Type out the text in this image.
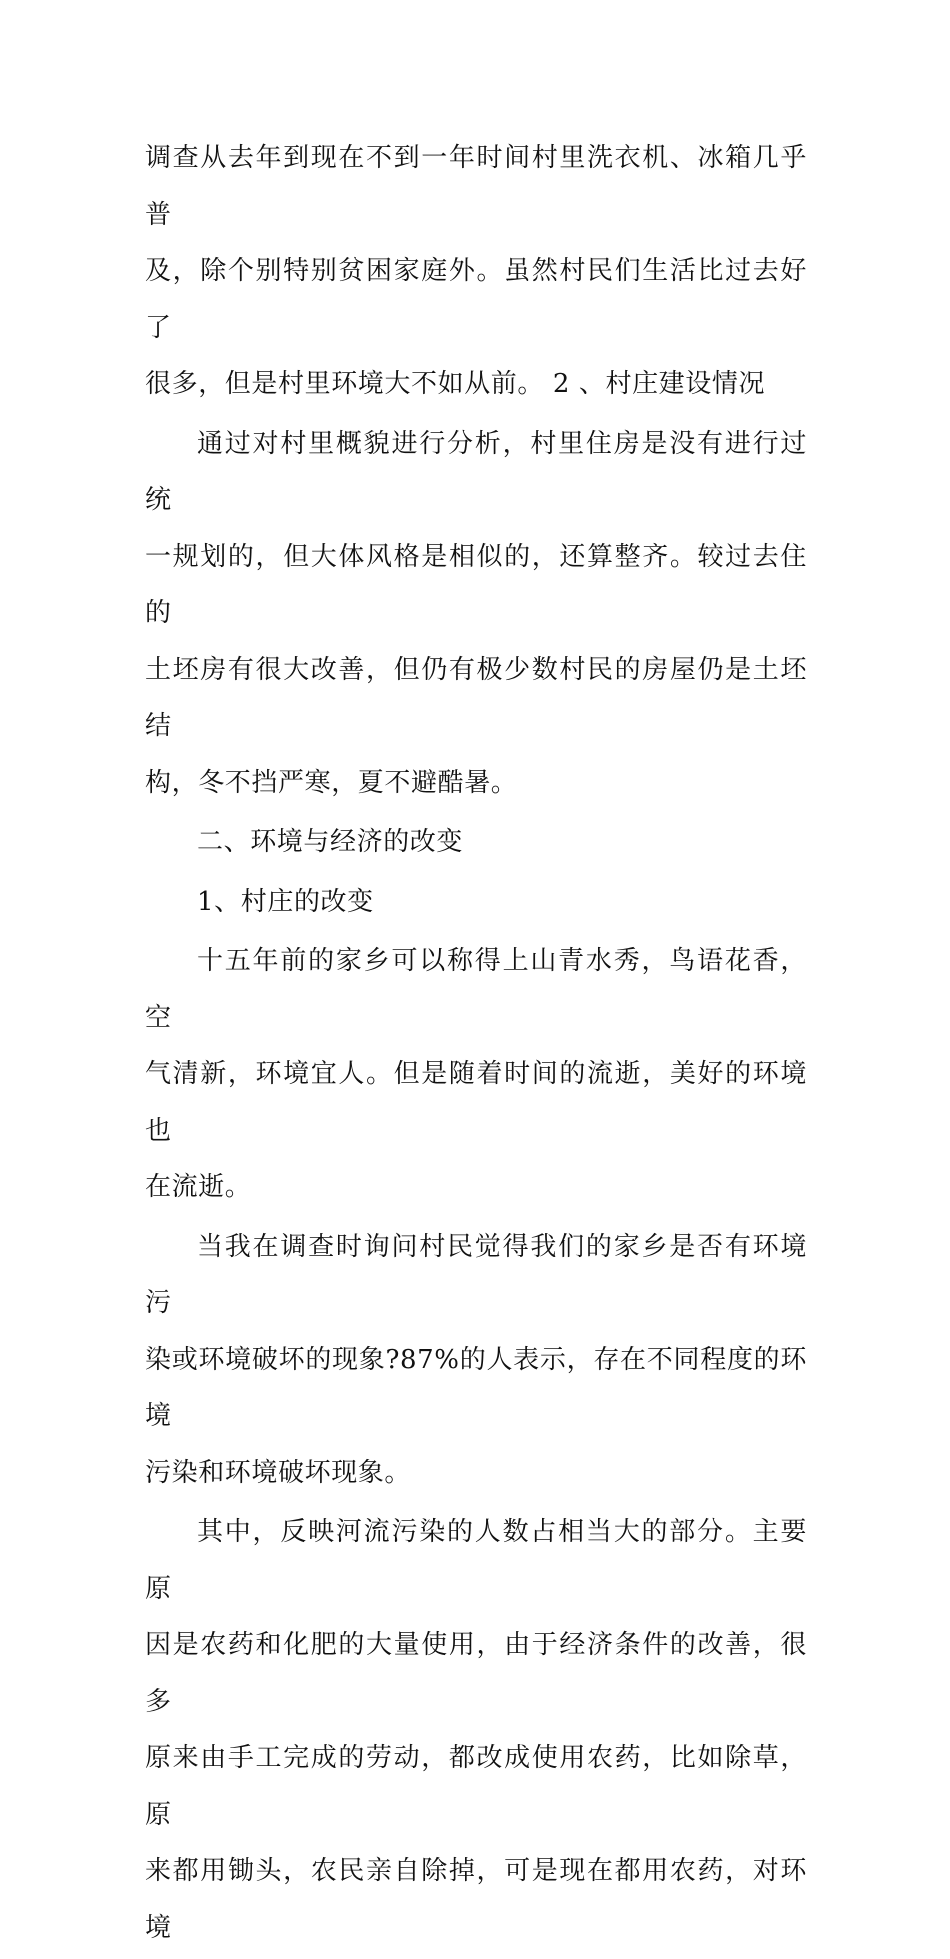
调查从去年到现在不到一年时间村里洗衣机、冰箱几乎普
及，除个别特别贫困家庭外。虽然村民们生活比过去好了
很多，但是村里环境大不如从前。 2 、村庄建设情况

通过对村里概貌进行分析，村里住房是没有进行过统
一规划的，但大体风格是相似的，还算整齐。较过去住的
土坯房有很大改善，但仍有极少数村民的房屋仍是土坯结
构，冬不挡严寒，夏不避酷暑。

二、环境与经济的改变

1、村庄的改变

十五年前的家乡可以称得上山青水秀，鸟语花香，空
气清新，环境宜人。但是随着时间的流逝，美好的环境也
在流逝。

当我在调查时询问村民觉得我们的家乡是否有环境污
染或环境破坏的现象?87%的人表示，存在不同程度的环境
污染和环境破坏现象。

其中，反映河流污染的人数占相当大的部分。主要原
因是农药和化肥的大量使用，由于经济条件的改善，很多
原来由手工完成的劳动，都改成使用农药，比如除草，原
来都用锄头，农民亲自除掉，可是现在都用农药，对环境
